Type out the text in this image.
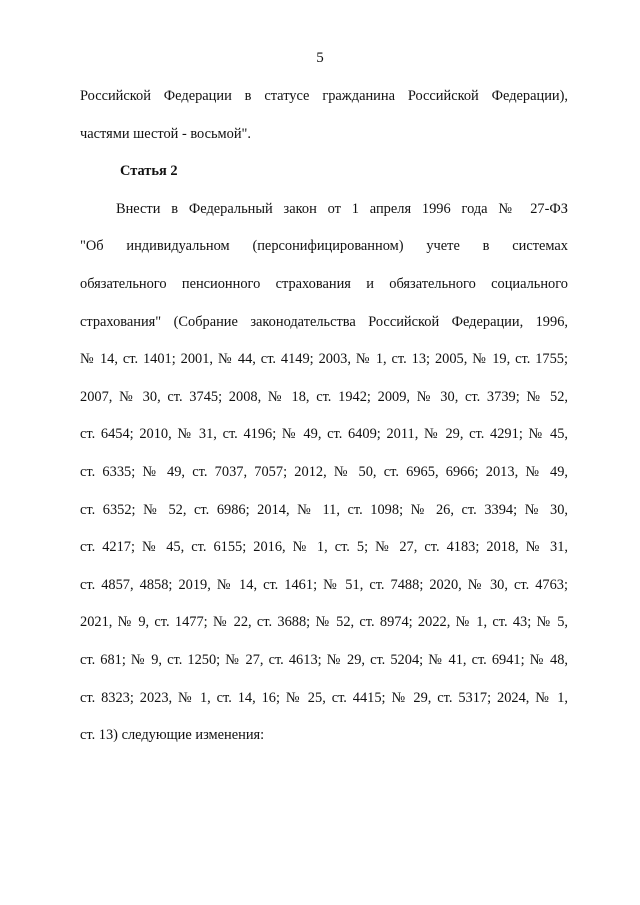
5
Российской Федерации в статусе гражданина Российской Федерации),
частями шестой - восьмой".
Статья 2
Внести в Федеральный закон от 1 апреля 1996 года № 27-ФЗ
"Об индивидуальном (персонифицированном) учете в системах
обязательного пенсионного страхования и обязательного социального
страхования" (Собрание законодательства Российской Федерации, 1996,
№ 14, ст. 1401; 2001, № 44, ст. 4149; 2003, № 1, ст. 13; 2005, № 19, ст. 1755;
2007, № 30, ст. 3745; 2008, № 18, ст. 1942; 2009, № 30, ст. 3739; № 52,
ст. 6454; 2010, № 31, ст. 4196; № 49, ст. 6409; 2011, № 29, ст. 4291; № 45,
ст. 6335; № 49, ст. 7037, 7057; 2012, № 50, ст. 6965, 6966; 2013, № 49,
ст. 6352; № 52, ст. 6986; 2014, № 11, ст. 1098; № 26, ст. 3394; № 30,
ст. 4217; № 45, ст. 6155; 2016, № 1, ст. 5; № 27, ст. 4183; 2018, № 31,
ст. 4857, 4858; 2019, № 14, ст. 1461; № 51, ст. 7488; 2020, № 30, ст. 4763;
2021, № 9, ст. 1477; № 22, ст. 3688; № 52, ст. 8974; 2022, № 1, ст. 43; № 5,
ст. 681; № 9, ст. 1250; № 27, ст. 4613; № 29, ст. 5204; № 41, ст. 6941; № 48,
ст. 8323; 2023, № 1, ст. 14, 16; № 25, ст. 4415; № 29, ст. 5317; 2024, № 1,
ст. 13) следующие изменения:
